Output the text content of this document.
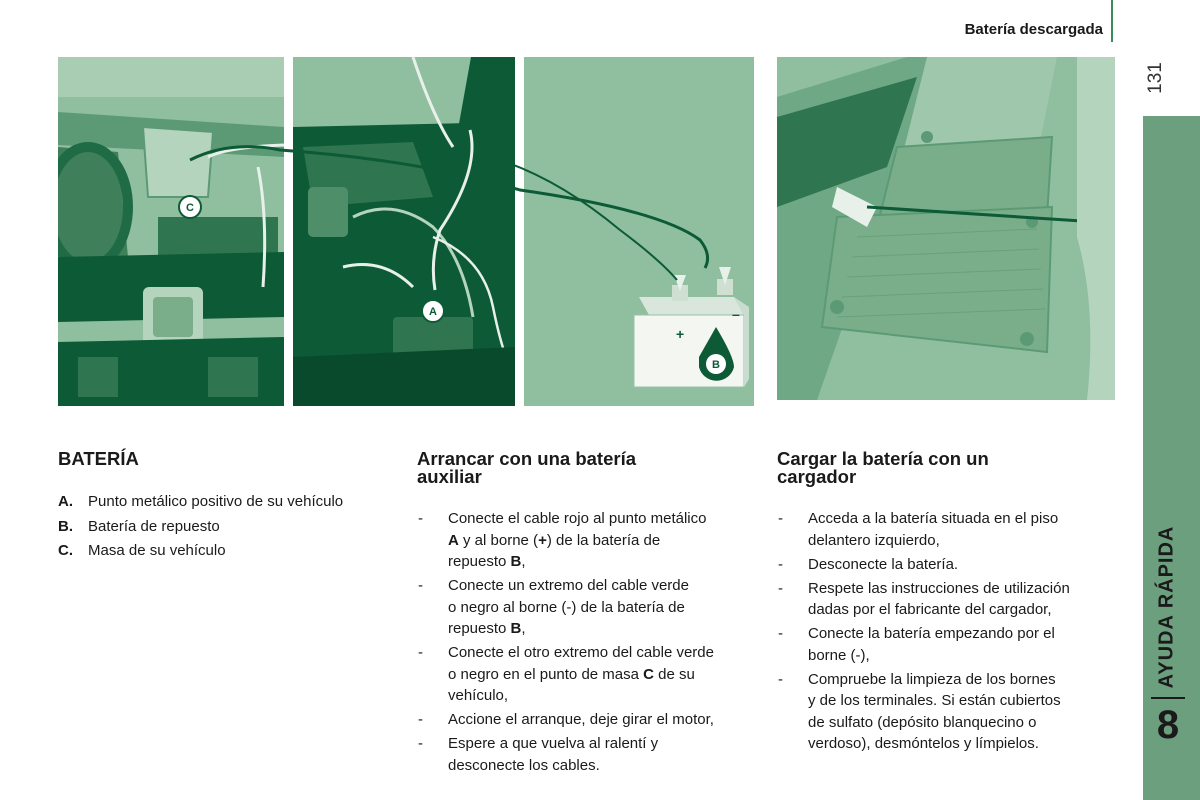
Batería descargada
131
AYUDA RÁPIDA
8
C
A
+
–
B
BATERÍA
A.	Punto metálico positivo de su vehículo
B.	Batería de repuesto
C.	Masa de su vehículo
Arrancar con una batería
auxiliar
-	Conecte el cable rojo al punto metálico
A y al borne (+) de la batería de
repuesto B,
-	Conecte un extremo del cable verde
o negro al borne (-) de la batería de
repuesto B,
-	Conecte el otro extremo del cable verde
o negro en el punto de masa C de su
vehículo,
-	Accione el arranque, deje girar el motor,
-	Espere a que vuelva al ralentí y
desconecte los cables.
Cargar la batería con un
cargador
-	Acceda a la batería situada en el piso
delantero izquierdo,
-	Desconecte la batería.
-	Respete las instrucciones de utilización
dadas por el fabricante del cargador,
-	Conecte la batería empezando por el
borne (-),
-	Compruebe la limpieza de los bornes
y de los terminales. Si están cubiertos
de sulfato (depósito blanquecino o
verdoso), desmóntelos y límpielos.
